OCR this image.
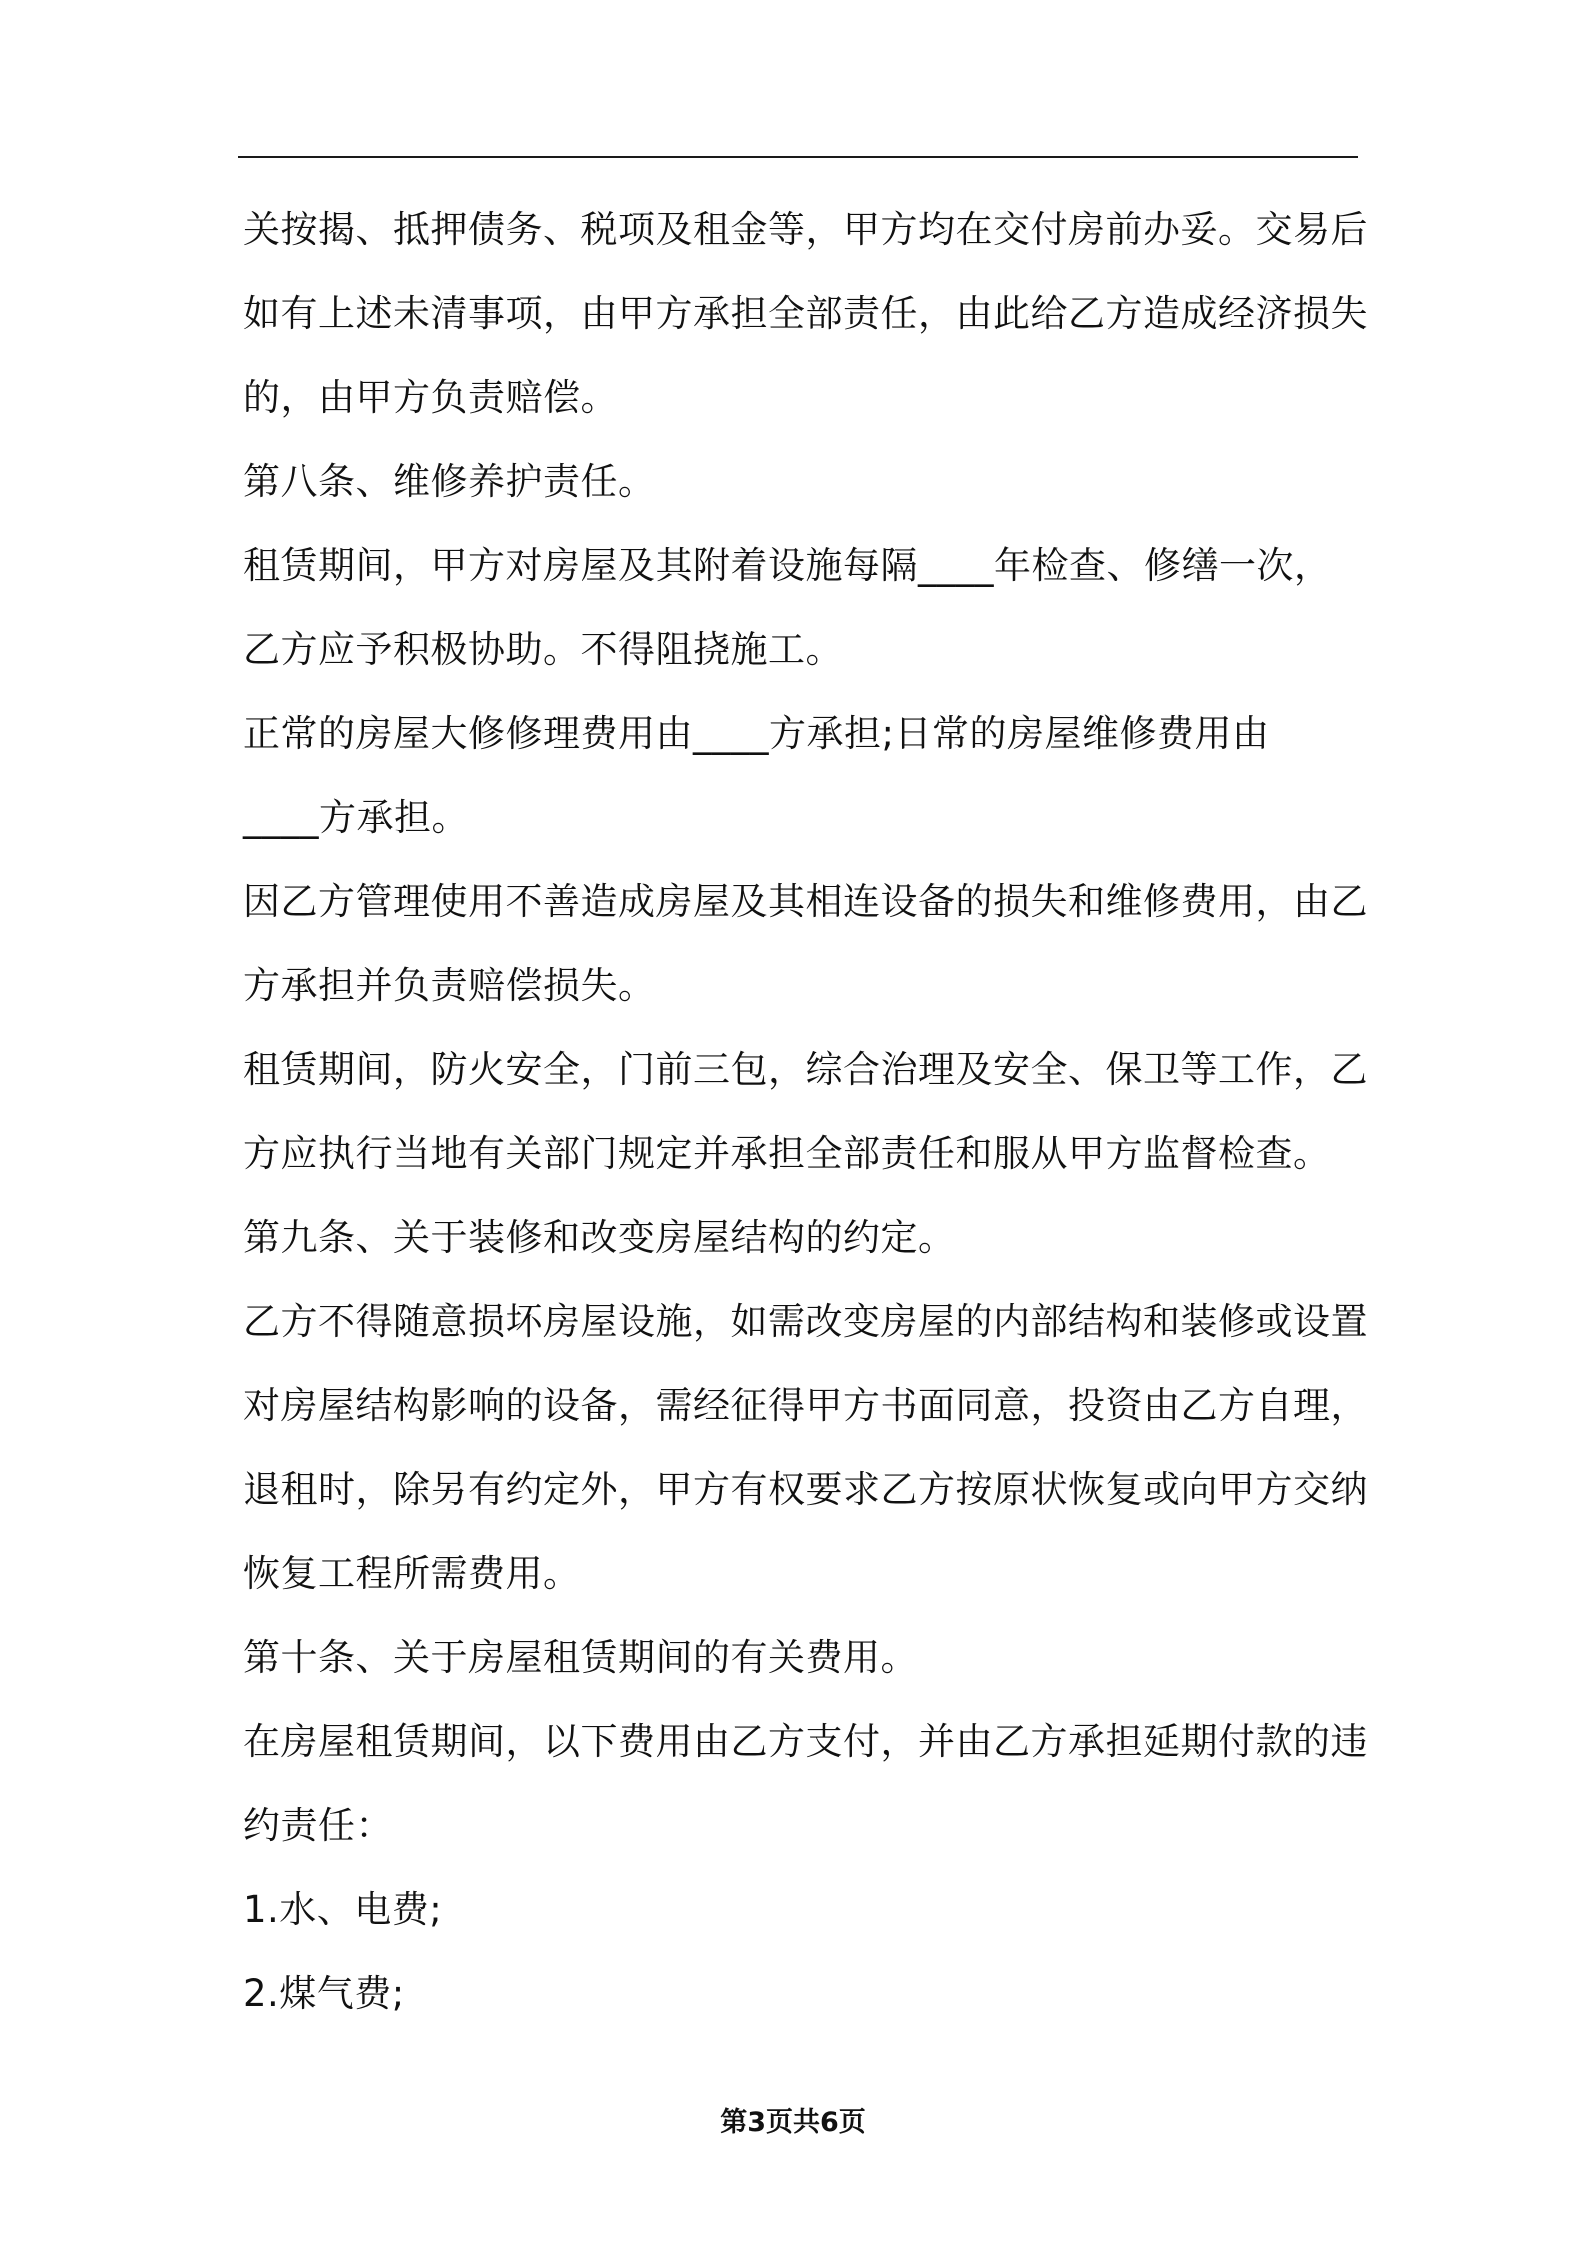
关按揭、抵押债务、税项及租金等，甲方均在交付房前办妥。交易后
如有上述未清事项，由甲方承担全部责任，由此给乙方造成经济损失
的，由甲方负责赔偿。
第八条、维修养护责任。
租赁期间，甲方对房屋及其附着设施每隔____年检查、修缮一次，
乙方应予积极协助。不得阻挠施工。
正常的房屋大修修理费用由____方承担;日常的房屋维修费用由
____方承担。
因乙方管理使用不善造成房屋及其相连设备的损失和维修费用，由乙
方承担并负责赔偿损失。
租赁期间，防火安全，门前三包，综合治理及安全、保卫等工作，乙
方应执行当地有关部门规定并承担全部责任和服从甲方监督检查。
第九条、关于装修和改变房屋结构的约定。
乙方不得随意损坏房屋设施，如需改变房屋的内部结构和装修或设置
对房屋结构影响的设备，需经征得甲方书面同意，投资由乙方自理，
退租时，除另有约定外，甲方有权要求乙方按原状恢复或向甲方交纳
恢复工程所需费用。
第十条、关于房屋租赁期间的有关费用。
在房屋租赁期间，以下费用由乙方支付，并由乙方承担延期付款的违
约责任：
1.水、电费;
2.煤气费;
第3页共6页
